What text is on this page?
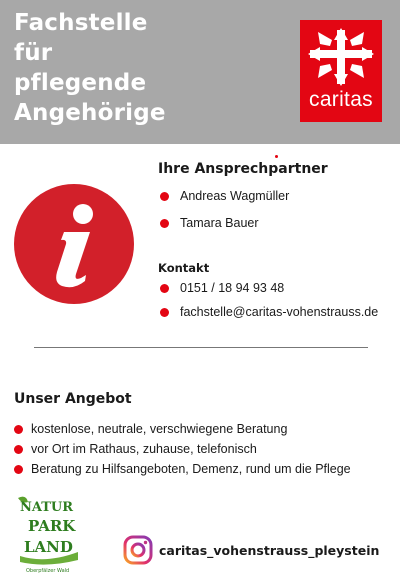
Fachstelle
für
pflegende
Angehörige
caritas
Ihre Ansprechpartner
Andreas Wagmüller
Tamara Bauer
Kontakt
0151 / 18 94 93 48
fachstelle@caritas-vohenstrauss.de
Unser Angebot
kostenlose, neutrale, verschwiegene Beratung
vor Ort im Rathaus, zuhause, telefonisch
Beratung zu Hilfsangeboten, Demenz, rund um die Pflege
NATUR
PARK
LAND
Oberpfälzer Wald
caritas_vohenstrauss_pleystein
